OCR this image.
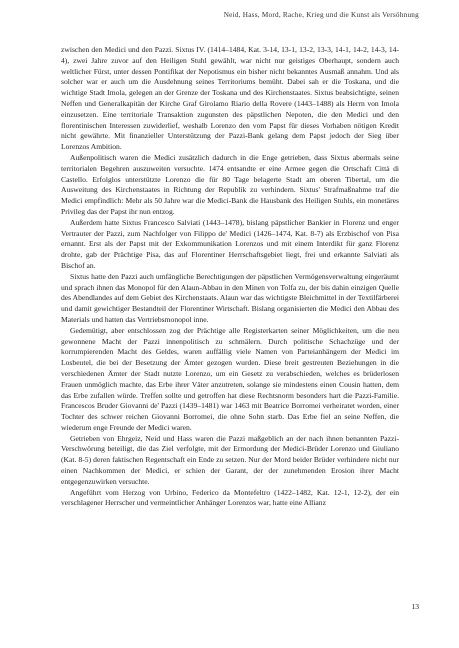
Neid, Hass, Mord, Rache, Krieg und die Kunst als Versöhnung

zwischen den Medici und den Pazzi. Sixtus IV. (1414–1484, Kat. 3-14, 13-1, 13-2, 13-3, 14-1, 14-2, 14-3, 14-4), zwei Jahre zuvor auf den Heiligen Stuhl gewählt, war nicht nur geistiges Oberhaupt, sondern auch weltlicher Fürst, unter dessen Pontifikat der Nepotismus ein bisher nicht bekanntes Ausmaß annahm. Und als solcher war er auch um die Ausdehnung seines Territoriums bemüht. Dabei sah er die Toskana, und die wichtige Stadt Imola, gelegen an der Grenze der Toskana und des Kirchenstaates. Sixtus beabsichtigte, seinen Neffen und Generalkapitän der Kirche Graf Girolamo Riario della Rovere (1443–1488) als Herrn von Imola einzusetzen. Eine territoriale Transaktion zugunsten des päpstlichen Nepoten, die den Medici und den florentinischen Interessen zuwiderlief, weshalb Lorenzo den vom Papst für dieses Vorhaben nötigen Kredit nicht gewährte. Mit finanzieller Unterstützung der Pazzi-Bank gelang dem Papst jedoch der Sieg über Lorenzos Ambition.

Außenpolitisch waren die Medici zusätzlich dadurch in die Enge getrieben, dass Sixtus abermals seine territorialen Begehren auszuweiten versuchte. 1474 entsandte er eine Armee gegen die Ortschaft Città di Castello. Erfolglos unterstützte Lorenzo die für 80 Tage belagerte Stadt am oberen Tibertal, um die Ausweitung des Kirchenstaates in Richtung der Republik zu verhindern. Sixtus' Strafmaßnahme traf die Medici empfindlich: Mehr als 50 Jahre war die Medici-Bank die Hausbank des Heiligen Stuhls, ein monetäres Privileg das der Papst ihr nun entzog.

Außerdem hatte Sixtus Francesco Salviati (1443–1478), bislang päpstlicher Bankier in Florenz und enger Vertrauter der Pazzi, zum Nachfolger von Filippo de' Medici (1426–1474, Kat. 8-7) als Erzbischof von Pisa ernannt. Erst als der Papst mit der Exkommunikation Lorenzos und mit einem Interdikt für ganz Florenz drohte, gab der Prächtige Pisa, das auf Florentiner Herrschaftsgebiet liegt, frei und erkannte Salviati als Bischof an.

Sixtus hatte den Pazzi auch umfängliche Berechtigungen der päpstlichen Vermögensverwaltung eingeräumt und sprach ihnen das Monopol für den Alaun-Abbau in den Minen von Tolfa zu, der bis dahin einzigen Quelle des Abendlandes auf dem Gebiet des Kirchenstaats. Alaun war das wichtigste Bleichmittel in der Textilfärberei und damit gewichtiger Bestandteil der Florentiner Wirtschaft. Bislang organisierten die Medici den Abbau des Materials und hatten das Vertriebsmonopol inne.

Gedemütigt, aber entschlossen zog der Prächtige alle Registerkarten seiner Möglichkeiten, um die neu gewonnene Macht der Pazzi innenpolitisch zu schmälern. Durch politische Schachzüge und der korrumpierenden Macht des Geldes, waren auffällig viele Namen von Parteianhängern der Medici im Losbeutel, die bei der Besetzung der Ämter gezogen wurden. Diese breit gestreuten Beziehungen in die verschiedenen Ämter der Stadt nutzte Lorenzo, um ein Gesetz zu verabschieden, welches es brüderlosen Frauen unmöglich machte, das Erbe ihrer Väter anzutreten, solange sie mindestens einen Cousin hatten, dem das Erbe zufallen würde. Treffen sollte und getroffen hat diese Rechtsnorm besonders hart die Pazzi-Familie. Francescos Bruder Giovanni de' Pazzi (1439–1481) war 1463 mit Beatrice Borromei verheiratet worden, einer Tochter des schwer reichen Giovanni Borromei, die ohne Sohn starb. Das Erbe fiel an seine Neffen, die wiederum enge Freunde der Medici waren.

Getrieben von Ehrgeiz, Neid und Hass waren die Pazzi maßgeblich an der nach ihnen benannten Pazzi-Verschwörung beteiligt, die das Ziel verfolgte, mit der Ermordung der Medici-Brüder Lorenzo und Giuliano (Kat. 8-5) deren faktischen Regentschaft ein Ende zu setzen. Nur der Mord beider Brüder verhindere nicht nur einen Nachkommen der Medici, er schien der Garant, der der zunehmenden Erosion ihrer Macht entgegenzuwirken versuchte.

Angeführt vom Herzog von Urbino, Federico da Montefeltro (1422–1482, Kat. 12-1, 12-2), der ein verschlagener Herrscher und vermeintlicher Anhänger Lorenzos war, hatte eine Allianz

13
